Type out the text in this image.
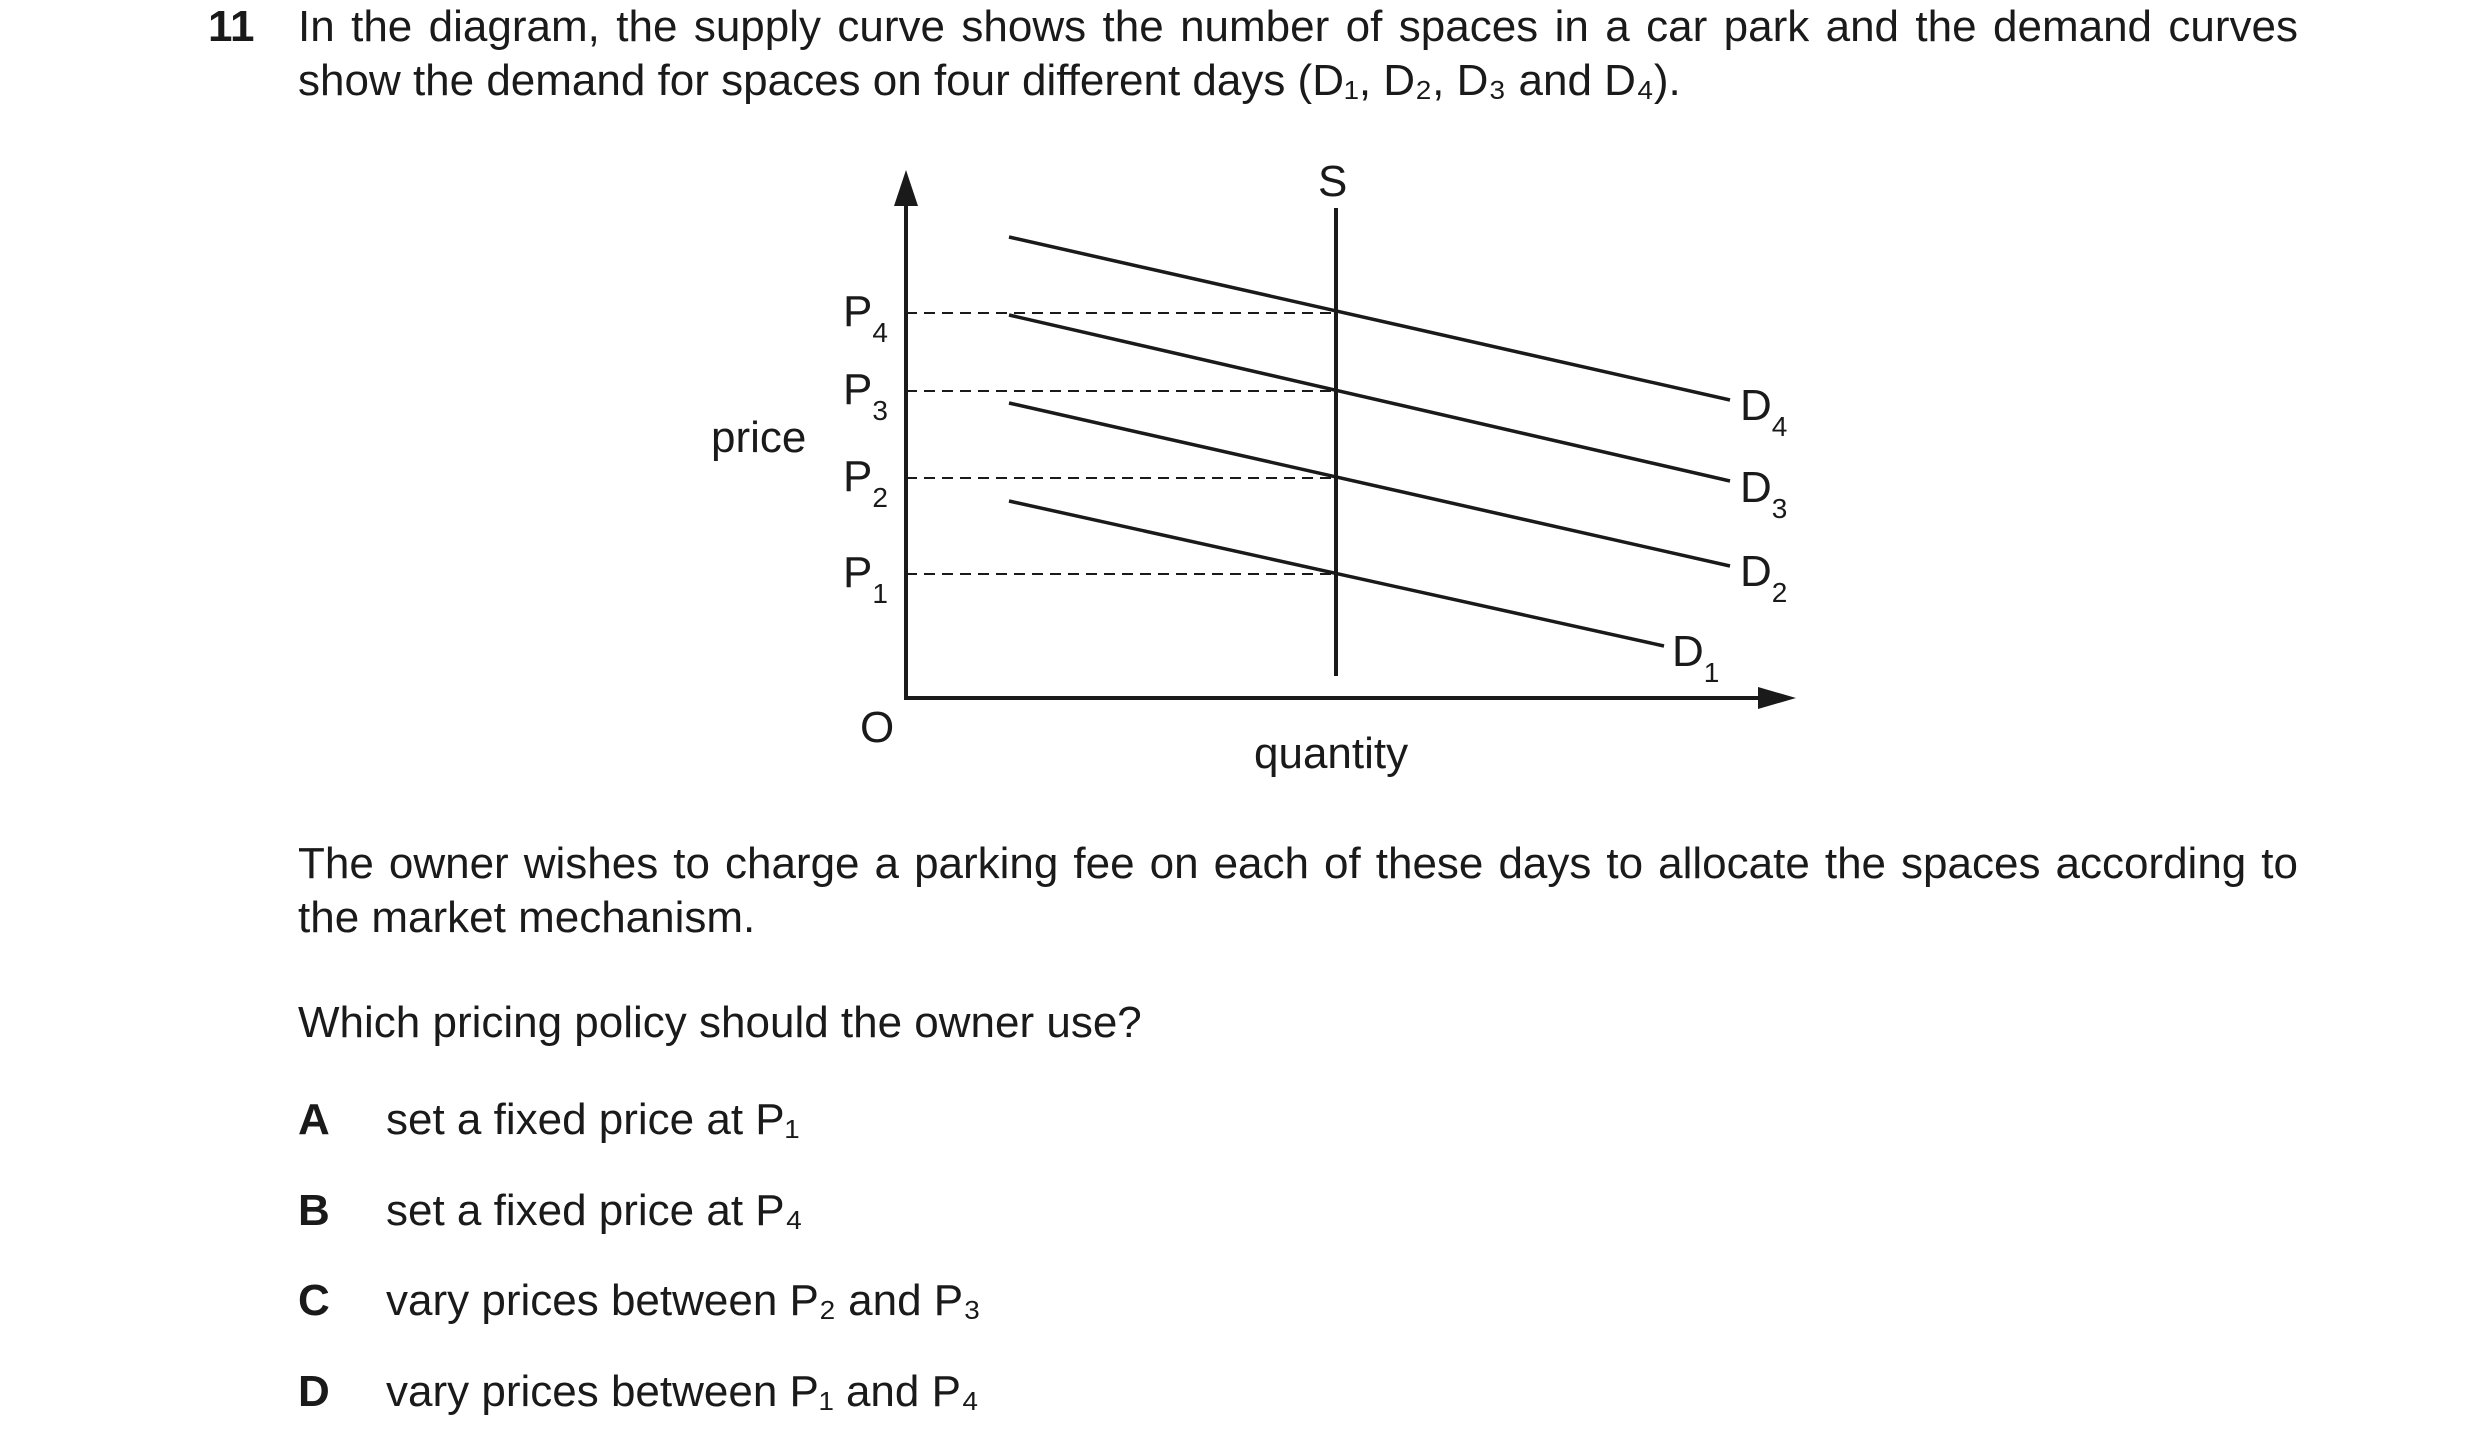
11 In the diagram, the supply curve shows the number of spaces in a car park and the demand curves show the demand for spaces on four different days (D₁, D₂, D₃ and D₄).
price
quantity
O
S
$P_4$
$P_3$
$P_2$
$P_1$
$D_4$
$D_3$
$D_2$
$D_1$
The owner wishes to charge a parking fee on each of these days to allocate the spaces according to the market mechanism.
Which pricing policy should the owner use?
A set a fixed price at P₁
B set a fixed price at P₄
C vary prices between P₂ and P₃
D vary prices between P₁ and P₄
